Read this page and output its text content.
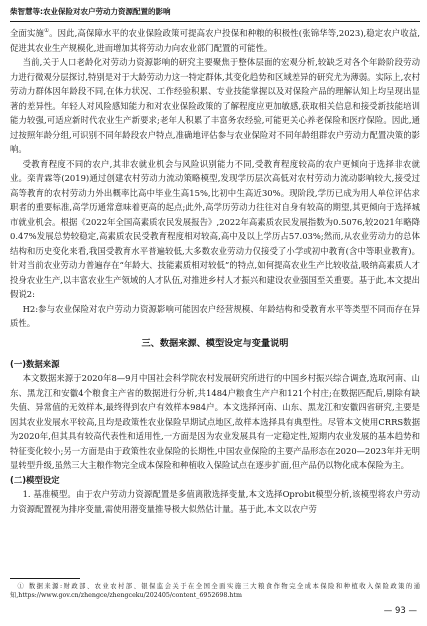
柴智慧等:农业保险对农户劳动力资源配置的影响

全面实施①。因此,高保障水平的农业保险政策可提高农户投保和种粮的积极性(张锦华等,2023),稳定农户收益,促进其农业生产规模化,进而增加其将劳动力向农业部门配置的可能性。

当前,关于人口老龄化对劳动力资源影响的研究主要聚焦于整体层面的宏观分析,较缺乏对各个年龄阶段劳动力进行微观分层探讨,特别是对于大龄劳动力这一特定群体,其变化趋势和区域差异的研究尤为薄弱。实际上,农村劳动力群体因年龄段不同,在体力状况、工作经验积累、专业技能掌握以及对保险产品的理解认知上均呈现出显著的差异性。年轻人对风险感知能力和对农业保险政策的了解程度应更加敏感,获取相关信息和接受新技能培训能力较强,可适应新时代农业生产新要求;老年人积累了丰富务农经验,可能更关心养老保险和医疗保险。因此,通过按照年龄分组,可识别不同年龄段农户特点,准确地评估参与农业保险对不同年龄组群农户劳动力配置决策的影响。

受教育程度不同的农户,其非农就业机会与风险识别能力不同,受教育程度较高的农户更倾向于选择非农就业。栾青霖等(2019)通过创建农村劳动力流动策略模型,发现学历层次高低对农村劳动力流动影响较大,接受过高等教育的农村劳动力外出概率比高中毕业生高15%,比初中生高近30%。现阶段,学历已成为用人单位评估求职者的重要标准,高学历通常意味着更高的起点;此外,高学历劳动力往往对自身有较高的期望,其更倾向于选择城市就业机会。根据《2022年全国高素质农民发展报告》,2022年高素质农民发展指数为0.5076,较2021年略降0.47%发展总势较稳定,高素质农民受教育程度相对较高,高中及以上学历占57.03%;然而,从农业劳动力的总体结构和历史变化来看,我国受教育水平普遍较低,大多数农业劳动力仅接受了小学或初中教育(含中等职业教育)。针对当前农业劳动力普遍存在“年龄大、技能素质相对较低”的特点,如何提高农业生产比较收益,吸纳高素质人才投身农业生产,以丰富农业生产领域的人才队伍,对推进乡村人才振兴和建设农业强国至关重要。基于此,本文提出假说2:

H2:参与农业保险对农户劳动力资源影响可能因农户经营规模、年龄结构和受教育水平等类型不同而存在异质性。

三、数据来源、模型设定与变量说明
(一)数据来源

本文数据来源于2020年8—9月中国社会科学院农村发展研究所进行的中国乡村振兴综合调查,选取河南、山东、黑龙江和安徽4个粮食主产省的数据进行分析,共1484户粮食生产户和121个村庄;在数据匹配后,剔除有缺失值、异常值的无效样本,最终得到农户有效样本984户。本文选择河南、山东、黑龙江和安徽四省研究,主要是因其农业发展水平较高,且均是政策性农业保险早期试点地区,故样本选择具有典型性。尽管本文使用CRRS数据为2020年,但其具有较高代表性和适用性,一方面是因为农业发展具有一定稳定性,短期内农业发展的基本趋势和特征变化较小;另一方面是由于政策性农业保险的长期性,中国农业保险的主要产品形态在2020—2023年并无明显转型升级,虽然三大主粮作物完全成本保险和种植收入保险试点在逐步扩面,但产品仍以物化成本保险为主。

(二)模型设定

1. 基准模型。由于农户劳动力资源配置是多值离散选择变量,本文选择Oprobit模型分析,该模型将农户劳动力资源配置视为排序变量,需使用潜变量推导极大似然估计量。基于此,本文以农户劳

① 数据来源:财政部、农业农村部、银保监会关于在全国全面实施三大粮食作物完全成本保险和种植收入保险政策的通知,https://www.gov.cn/zhengce/zhengceku/202405/content_6952698.htm
— 93 —
